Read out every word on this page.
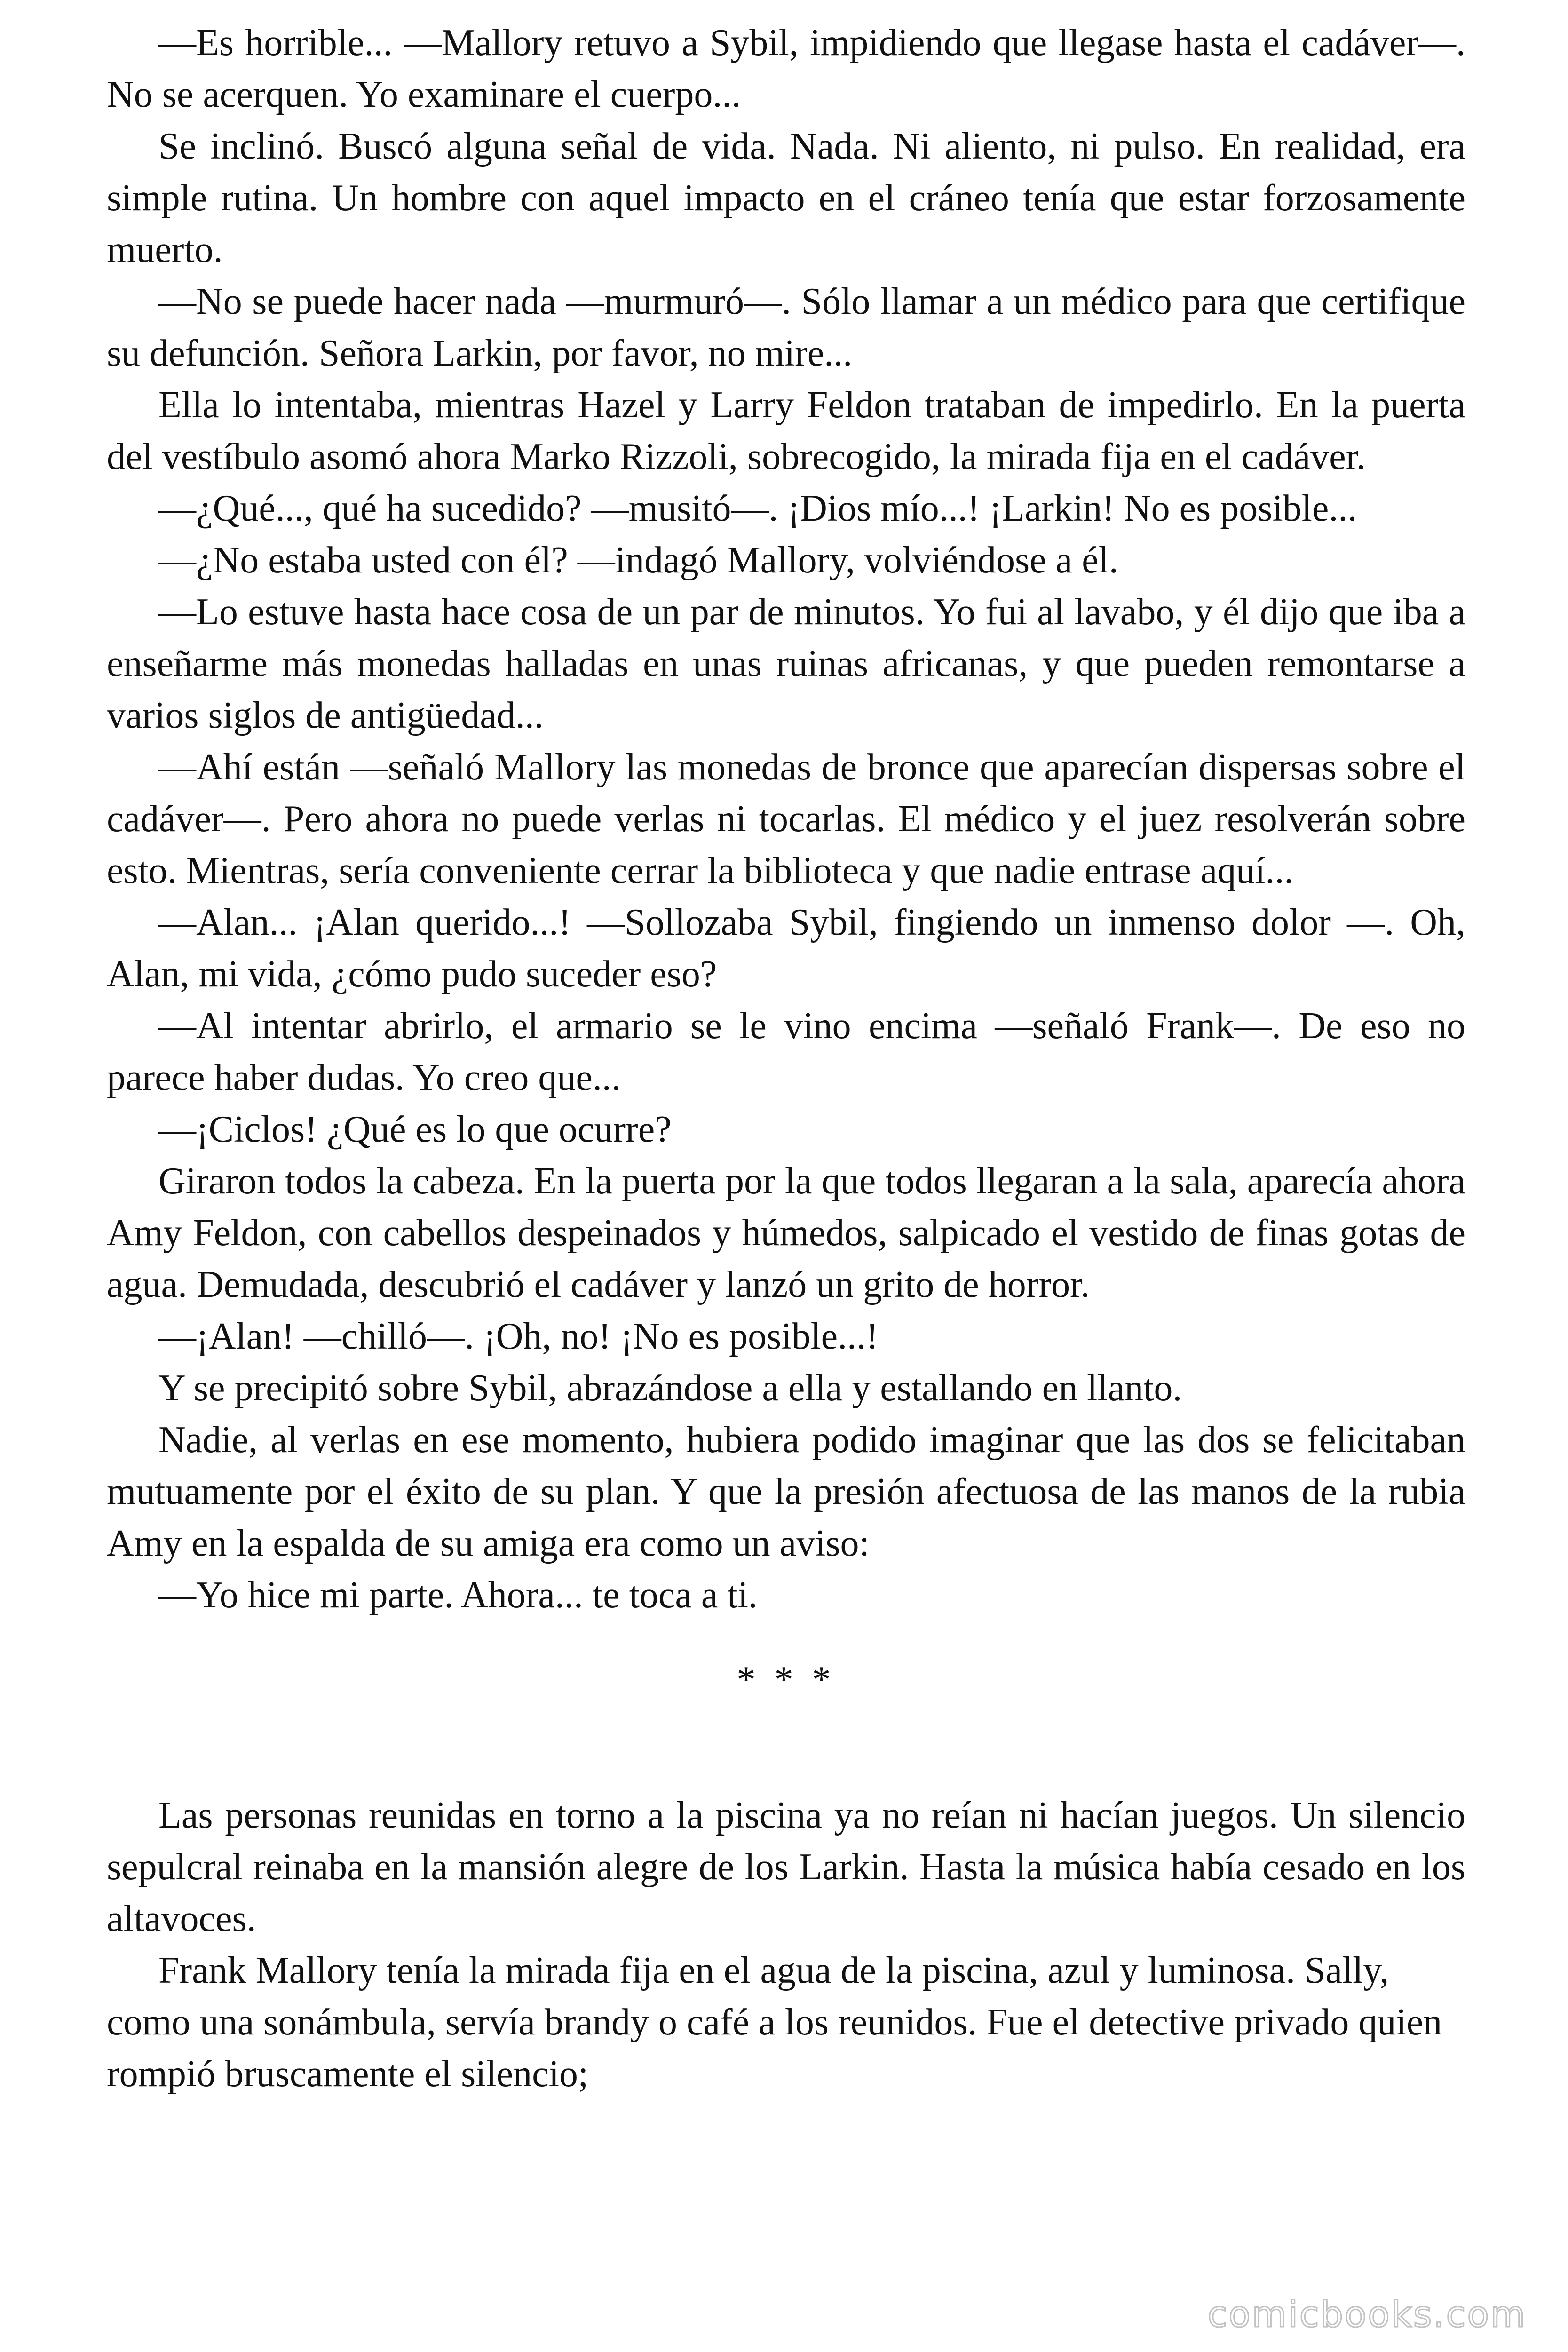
—Es horrible... —Mallory retuvo a Sybil, impidiendo que llegase hasta el cadáver—. No se acerquen. Yo examinare el cuerpo...

Se inclinó. Buscó alguna señal de vida. Nada. Ni aliento, ni pulso. En realidad, era simple rutina. Un hombre con aquel impacto en el cráneo tenía que estar forzosamente muerto.

—No se puede hacer nada —murmuró—. Sólo llamar a un médico para que certifique su defunción. Señora Larkin, por favor, no mire...

Ella lo intentaba, mientras Hazel y Larry Feldon trataban de impedirlo. En la puerta del vestíbulo asomó ahora Marko Rizzoli, sobrecogido, la mirada fija en el cadáver.

—¿Qué..., qué ha sucedido? —musitó—. ¡Dios mío...! ¡Larkin! No es posible...

—¿No estaba usted con él? —indagó Mallory, volviéndose a él.

—Lo estuve hasta hace cosa de un par de minutos. Yo fui al lavabo, y él dijo que iba a enseñarme más monedas halladas en unas ruinas africanas, y que pueden remontarse a varios siglos de antigüedad...

—Ahí están —señaló Mallory las monedas de bronce que aparecían dispersas sobre el cadáver—. Pero ahora no puede verlas ni tocarlas. El médico y el juez resolverán sobre esto. Mientras, sería conveniente cerrar la biblioteca y que nadie entrase aquí...

—Alan... ¡Alan querido...! —Sollozaba Sybil, fingiendo un inmenso dolor —. Oh, Alan, mi vida, ¿cómo pudo suceder eso?

—Al intentar abrirlo, el armario se le vino encima —señaló Frank—. De eso no parece haber dudas. Yo creo que...

—¡Ciclos! ¿Qué es lo que ocurre?

Giraron todos la cabeza. En la puerta por la que todos llegaran a la sala, aparecía ahora Amy Feldon, con cabellos despeinados y húmedos, salpicado el vestido de finas gotas de agua. Demudada, descubrió el cadáver y lanzó un grito de horror.

—¡Alan! —chilló—. ¡Oh, no! ¡No es posible...!

Y se precipitó sobre Sybil, abrazándose a ella y estallando en llanto.

Nadie, al verlas en ese momento, hubiera podido imaginar que las dos se felicitaban mutuamente por el éxito de su plan. Y que la presión afectuosa de las manos de la rubia Amy en la espalda de su amiga era como un aviso:

—Yo hice mi parte. Ahora... te toca a ti.

* * *

Las personas reunidas en torno a la piscina ya no reían ni hacían juegos. Un silencio sepulcral reinaba en la mansión alegre de los Larkin. Hasta la música había cesado en los altavoces.

Frank Mallory tenía la mirada fija en el agua de la piscina, azul y luminosa. Sally, como una sonámbula, servía brandy o café a los reunidos. Fue el detective privado quien rompió bruscamente el silencio;

comicbooks.com
